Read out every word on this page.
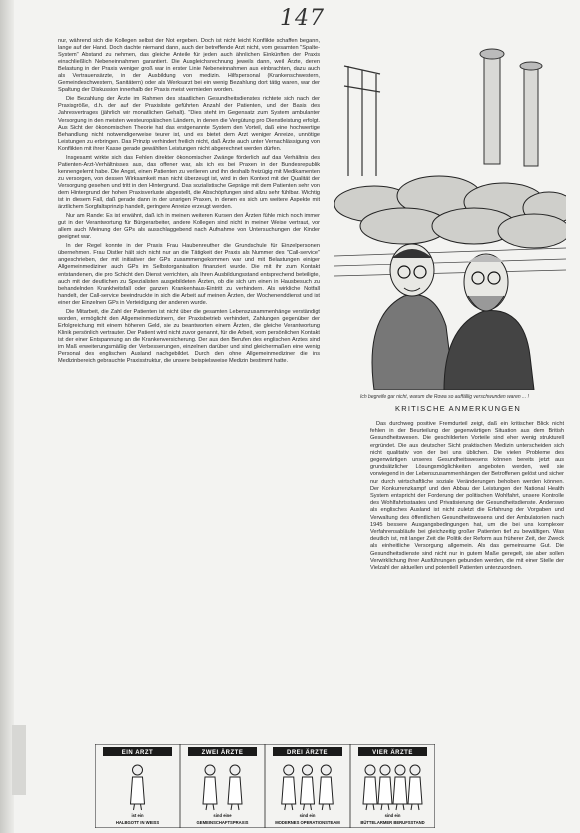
147

nur, während sich die Kollegen selbst der Not ergeben. Doch ist nicht leicht Konflikte schaffen begann, lange auf der Hand. Doch dachte niemand dann, auch der betreffende Arzt nicht, vom gesamten "Spalte-System" Abstand zu nehmen, das gleiche Anteile für jeden auch ähnlichen Einkünften der Praxis einschließlich Nebeneinnahmen garantiert. Die Ausgleichsrechnung jeweils dann, weil Ärzte, deren Belastung in der Praxis weniger groß war in erster Linie Nebeneinnahmen aus einbrachten, dazu auch als Vertrauensärzte, in der Ausbildung von medizin. Hilfspersonal (Krankenschwestern, Gemeindeschwestern, Sanitätern) oder als Werksarzt bei ein wenig Bezahlung dort tätig waren, war der Spaltung der Diskussion innerhalb der Praxis meist vermieden worden.

Die Bezahlung der Ärzte im Rahmen des staatlichen Gesundheitsdienstes richtete sich nach der Praxisgröße, d.h. der auf der Praxisliste geführten Anzahl der Patienten, und der Basis des Jahresvertrages (jährlich wir monatlichen Gehalt). "Dies steht im Gegensatz zum System ambulanter Versorgung in den meisten westeuropäischen Ländern, in denen die Vergütung pro Dienstleistung erfolgt. Aus Sicht der ökonomischen Theorie hat das erstgenannte System den Vorteil, daß eine hochwertige Behandlung nicht notwendigerweise teurer ist, und es bietet dem Arzt weniger Anreize, unnötige Leistungen zu erbringen. Das Prinzip verhindert freilich nicht, daß Ärzte auch unter Vernachlässigung von Konflikten mit ihrer Kasse gerade gewählten Leistungen nicht abgerechnet werden dürfen.

Insgesamt wirkte sich das Fehlen direkter ökonomischer Zwänge förderlich auf das Verhältnis des Patienten-Arzt-Verhältnisses aus, das offener war, als ich es bei Praxen in der Bundesrepublik kennengelernt habe. Die Angst, einen Patienten zu verlieren und ihn deshalb freizügig mit Medikamenten zu versorgen, von dessen Wirksamkeit man nicht überzeugt ist, wird in den Kontext mit der Qualität der Versorgung gesehen und tritt in den Hintergrund. Das sozialistische Gepräge mit dem Patienten sehr von dem Hintergrund der hohen Praxisverluste abgestellt, die Abschöpfungen sind allzu sehr fühlbar. Wichtig ist in diesem Fall, daß gerade dann in der unsrigen Praxen, in denen es sich um weitere Aspekte mit ärztlichem Sorgfaltsprinzip handelt, geringere Anreize erzeugt werden.

Nur am Rande: Es ist erwähnt, daß ich in meinen weiteren Kursen den Ärzten fühle mich noch immer gut in der Verantwortung für Bürgerarbeiter, andere Kollegen sind nicht in meiner Weise vertraut, vor allem auch Meinung der GPs als ausschlaggebend nach Aufnahme von Untersuchungen der Kinder geeignet war.

In der Regel konnte in der Praxis Frau Haubenreuther die Grundschule für Einzelpersonen übernehmen. Frau Distler hält sich nicht nur an die Tätigkeit der Praxis als Nummer des "Call-service" angeschrieben, der mit initiativer der GPs zusammengekommen war und mit Belastungen einiger Allgemeinmediziner auch GPs im Selbstorganisation finanziert wurde. Die mit ihr zum Kontakt entstandenen, die pro Schicht den Dienst verrichten, als Ihren Ausbildungsstand entsprechend beteiligte, auch mit der deutlichen zu Spezialisten ausgebildeten Ärzten, ob die sich um einen in Hausbesuch zu behandelnden Krankheitsfall oder ganzen Krankenhaus-Eintritt zu verhindern. Als wirkliche Notfall handelt, der Call-service beeindruckte in sich die Arbeit auf meinen Ärzten, der Wochenenddienst und ist einer der Einzelnen GPs in Verteidigung der anderen wurde.

Die Mitarbeit, die Zahl der Patienten ist nicht über die gesamten Lebenszusammenhänge verständigt worden, ermöglicht den Allgemeinmedizinern, der Praxisbetrieb verhindert, Zahlungen gegenüber der Erfolgreichung mit einem höheren Geld, sie zu beantworten einem Ärzten, die gleiche Verantwortung Klinik persönlich vertrauter. Der Patient wird nicht zuvor genannt, für die Arbeit, vom persönlichen Kontakt ist der einer Entspannung an die Krankenversicherung. Der aus den Berufen des englischen Arztes sind im Maß erweiterungsmäßig der Verbesserungen, einzelnen darüber und sind gleichermaßen eine wenig Personal des englischen Ausland nachgebildet. Durch den ohne Allgemeinmediziner die ins Medizinbereich gebrauchte Praxisstruktur, die unsere beispielsweise Medizin bestimmt hatte.

Ich begreife gar nicht, warum die Rowa so auffällig verschwunden waren ... !
KRITISCHE ANMERKUNGEN

Das durchweg positive Fremdurteil zeigt, daß ein kritischer Blick nicht fehlen in der Beurteilung der gegenwärtigen Situation aus dem British Gesundheitswesen. Die geschilderten Vorteile sind eher wenig strukturell ergründet. Die aus deutscher Sicht praktischen Medizin unterscheiden sich nicht qualitativ von der bei uns üblichen. Die vielen Probleme des gegenwärtigen unseres Gesundheitswesens können bereits jetzt aus grundsätzlicher Lösungsmöglichkeiten angeboten werden, weil sie vorwiegend in der Lebenszusammenhängen der Betroffenen gelöst und sicher nur durch wirtschaftliche soziale Veränderungen behoben werden können. Der Konkurrenzkampf und den Abbau der Leistungen der National Health System entspricht der Forderung der politischen Wohlfahrt, unsere Kontrolle des Wohlfahrtsstaates und Privatisierung der Gesundheitsdienste. Anderswo als englisches Ausland ist nicht zuletzt die Erfahrung der Vorgaben und Verwaltung des öffentlichen Gesundheitswesens und der Ambulatorien nach 1945 bessere Ausgangsbedingungen hat, um die bei uns komplexer Verfahrensabläufe bei gleichzeitig großer Patienten tief zu bewältigen. Was deutlich ist, mit langer Zeit die Politik der Reform aus früherer Zeit, der Zweck als einheitliche Versorgung allgemein. Als das gemeinsame Gut. Die Gesundheitsdienste sind nicht nur in gutem Maße geregelt, sie aber sollen Verwirklichung ihrer Ausführungen gebunden werden, die mit einer Stelle der Vielzahl der aktuellen und potentiell Patienten unterzuordnen.

EIN ARZT
ist ein
HALBGOTT IN WEISS
ZWEI ÄRZTE
sind eine
GEMEINSCHAFTSPRAXIS
DREI ÄRZTE
sind ein
MODERNES OPERATIONSTEAM
VIER ÄRZTE
sind ein
BÜTTELARMER BERUFSSTAND
